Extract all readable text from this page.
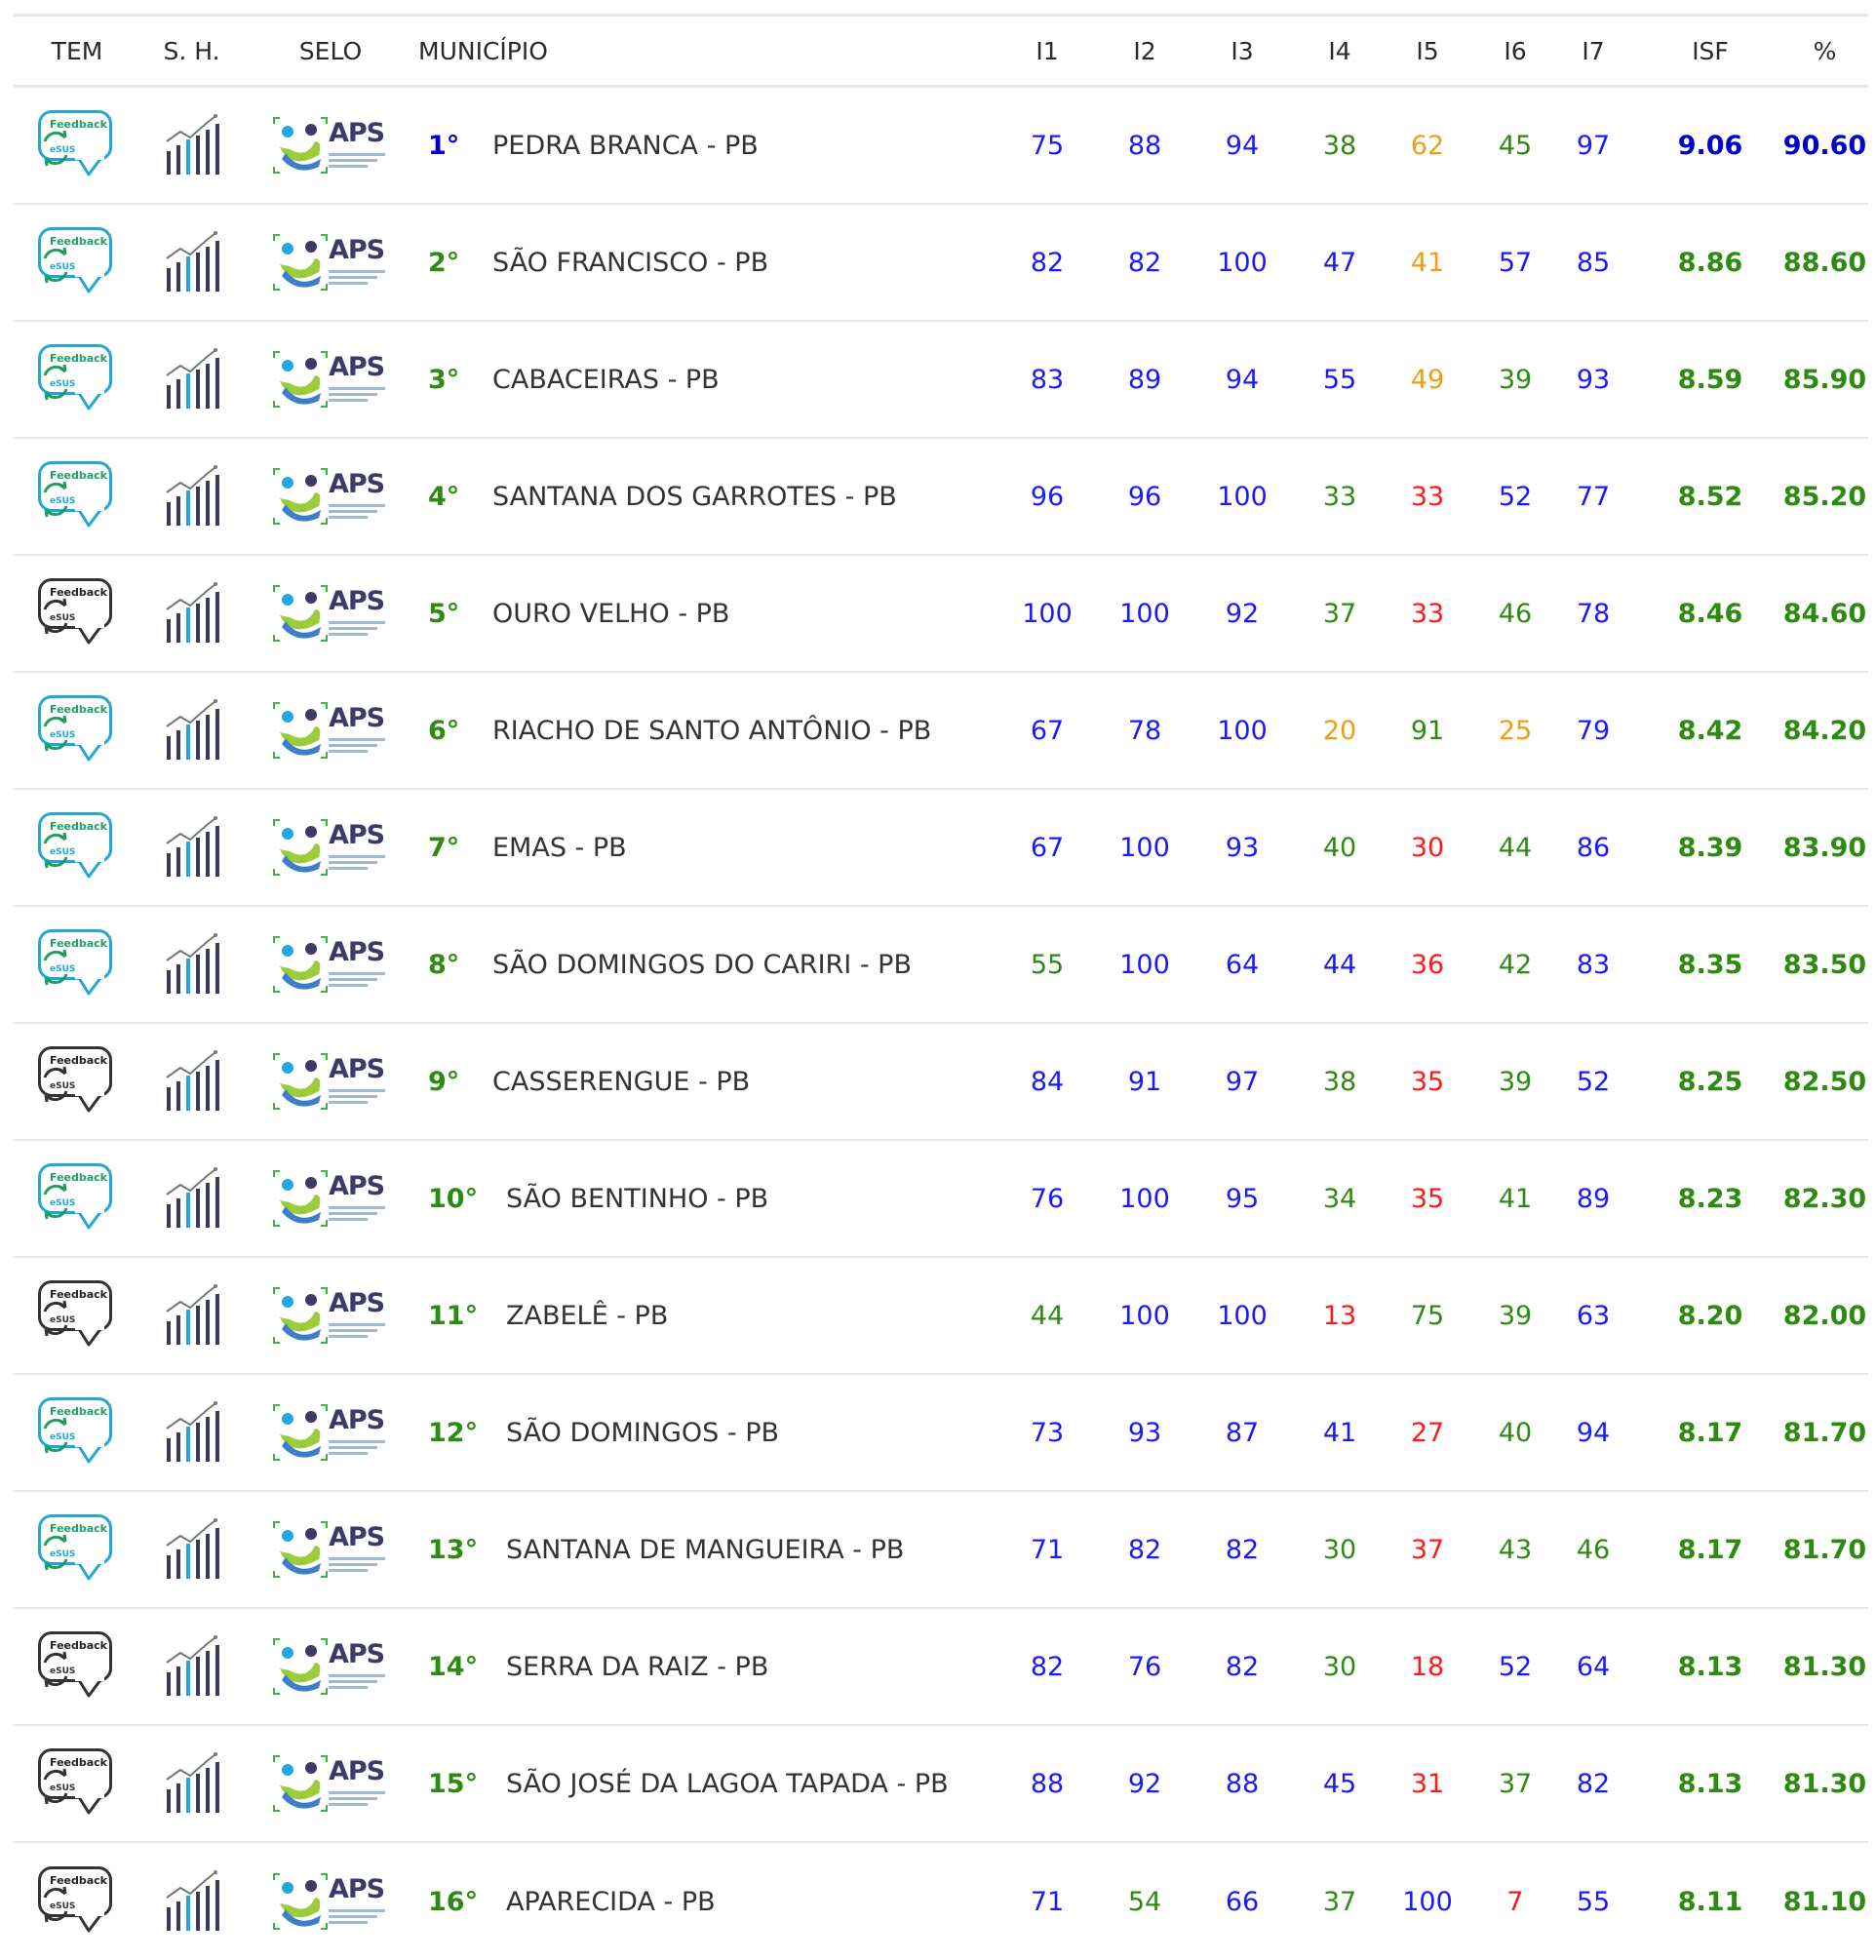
TEM	S. H.	SELO	MUNICÍPIO	I1	I2	I3	I4	I5	I6	I7	ISF	%
Feedback
eSUS
APS 1°	PEDRA BRANCA - PB	75	88	94	38	62	45	97	9.06	90.60
Feedback
eSUS
APS 2°	SÃO FRANCISCO - PB	82	82	100	47	41	57	85	8.86	88.60
Feedback
eSUS
APS 3°	CABACEIRAS - PB	83	89	94	55	49	39	93	8.59	85.90
Feedback
eSUS
APS 4°	SANTANA DOS GARROTES - PB	96	96	100	33	33	52	77	8.52	85.20
Feedback
eSUS
APS 5°	OURO VELHO - PB	100	100	92	37	33	46	78	8.46	84.60
Feedback
eSUS
APS 6°	RIACHO DE SANTO ANTÔNIO - PB	67	78	100	20	91	25	79	8.42	84.20
Feedback
eSUS
APS 7°	EMAS - PB	67	100	93	40	30	44	86	8.39	83.90
Feedback
eSUS
APS 8°	SÃO DOMINGOS DO CARIRI - PB	55	100	64	44	36	42	83	8.35	83.50
Feedback
eSUS
APS 9°	CASSERENGUE - PB	84	91	97	38	35	39	52	8.25	82.50
Feedback
eSUS
APS 10°	SÃO BENTINHO - PB	76	100	95	34	35	41	89	8.23	82.30
Feedback
eSUS
APS 11°	ZABELÊ - PB	44	100	100	13	75	39	63	8.20	82.00
Feedback
eSUS
APS 12°	SÃO DOMINGOS - PB	73	93	87	41	27	40	94	8.17	81.70
Feedback
eSUS
APS 13°	SANTANA DE MANGUEIRA - PB	71	82	82	30	37	43	46	8.17	81.70
Feedback
eSUS
APS 14°	SERRA DA RAIZ - PB	82	76	82	30	18	52	64	8.13	81.30
Feedback
eSUS
APS 15°	SÃO JOSÉ DA LAGOA TAPADA - PB	88	92	88	45	31	37	82	8.13	81.30
Feedback
eSUS
APS 16°	APARECIDA - PB	71	54	66	37	100	7	55	8.11	81.10
